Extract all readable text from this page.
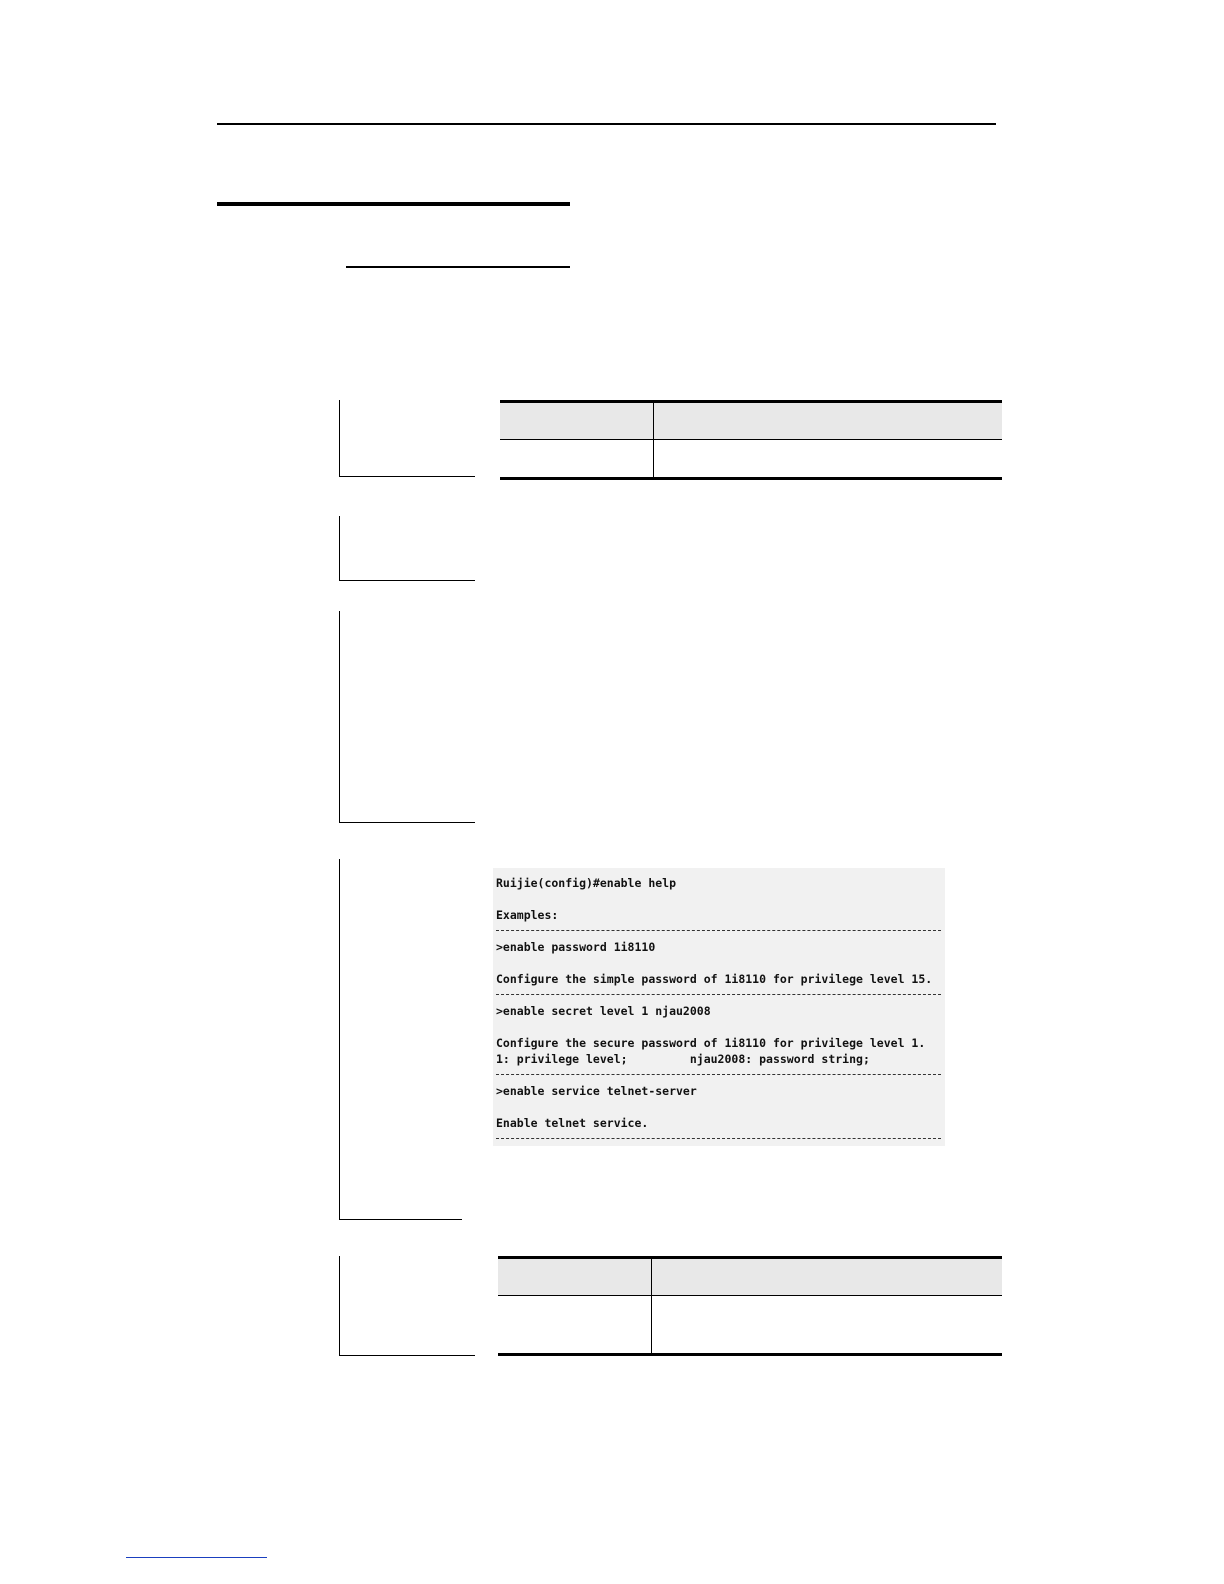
Ruijie(config)#enable help
Examples:
>enable password 1i8110
Configure the simple password of 1i8110 for privilege level 15.
>enable secret level 1 njau2008
Configure the secure password of 1i8110 for privilege level 1.
1: privilege level;         njau2008: password string;
>enable service telnet-server
Enable telnet service.
